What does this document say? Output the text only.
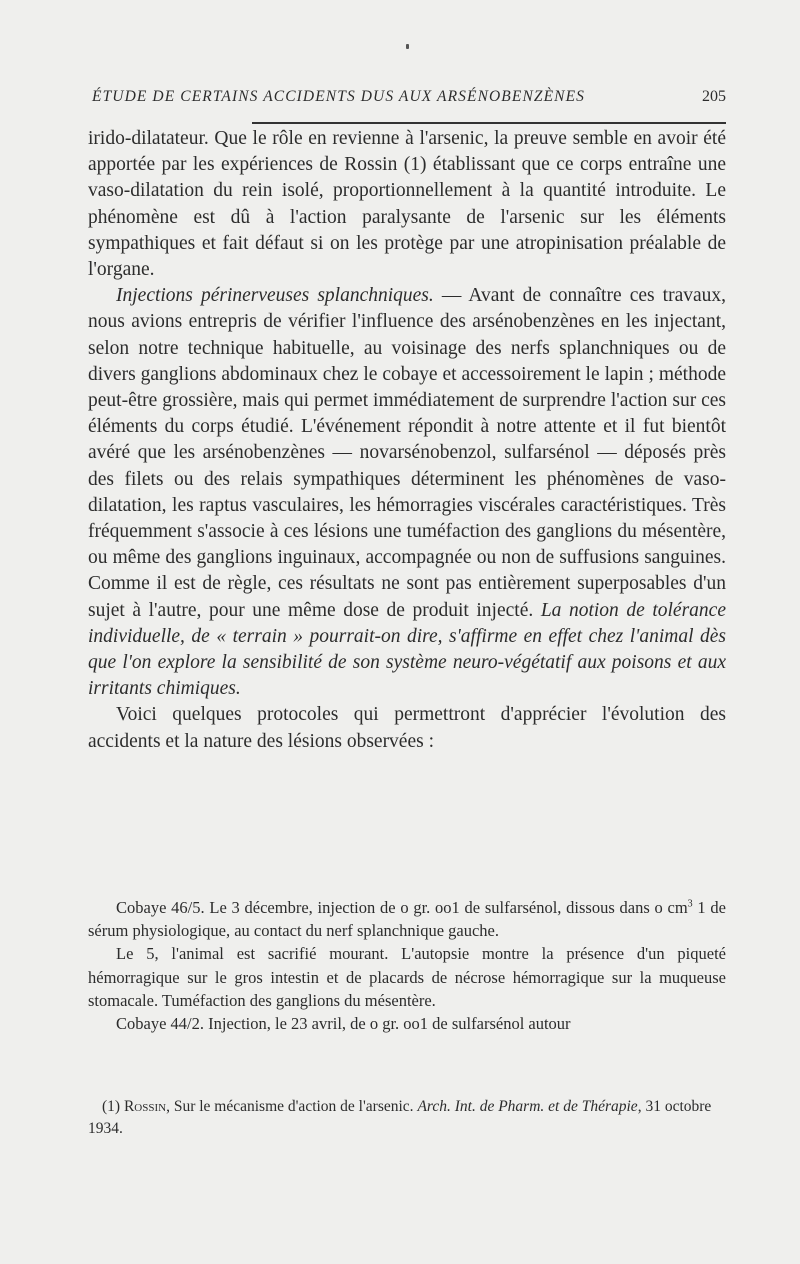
ÉTUDE DE CERTAINS ACCIDENTS DUS AUX ARSÉNOBENZÈNES	205

irido-dilatateur. Que le rôle en revienne à l'arsenic, la preuve semble en avoir été apportée par les expériences de Rossin (1) établissant que ce corps entraîne une vaso-dilatation du rein isolé, proportionnellement à la quantité introduite. Le phénomène est dû à l'action paralysante de l'arsenic sur les éléments sympathiques et fait défaut si on les protège par une atropinisation préalable de l'organe.

Injections périnerveuses splanchniques. — Avant de connaître ces travaux, nous avions entrepris de vérifier l'influence des arsénobenzènes en les injectant, selon notre technique habituelle, au voisinage des nerfs splanchniques ou de divers ganglions abdominaux chez le cobaye et accessoirement le lapin ; méthode peut-être grossière, mais qui permet immédiatement de surprendre l'action sur ces éléments du corps étudié. L'événement répondit à notre attente et il fut bientôt avéré que les arsénobenzènes — novarsénobenzol, sulfarsénol — déposés près des filets ou des relais sympathiques déterminent les phénomènes de vaso-dilatation, les raptus vasculaires, les hémorragies viscérales caractéristiques. Très fréquemment s'associe à ces lésions une tuméfaction des ganglions du mésentère, ou même des ganglions inguinaux, accompagnée ou non de suffusions sanguines. Comme il est de règle, ces résultats ne sont pas entièrement superposables d'un sujet à l'autre, pour une même dose de produit injecté. La notion de tolérance individuelle, de « terrain » pourrait-on dire, s'affirme en effet chez l'animal dès que l'on explore la sensibilité de son système neuro-végétatif aux poisons et aux irritants chimiques.

Voici quelques protocoles qui permettront d'apprécier l'évolution des accidents et la nature des lésions observées :

Cobaye 46/5. Le 3 décembre, injection de o gr. oo1 de sulfarsénol, dissous dans o $cm^3$ 1 de sérum physiologique, au contact du nerf splanchnique gauche.

Le 5, l'animal est sacrifié mourant. L'autopsie montre la présence d'un piqueté hémorragique sur le gros intestin et de placards de nécrose hémorragique sur la muqueuse stomacale. Tuméfaction des ganglions du mésentère.

Cobaye 44/2. Injection, le 23 avril, de o gr. oo1 de sulfarsénol autour

(1) Rossin, Sur le mécanisme d'action de l'arsenic. Arch. Int. de Pharm. et de Thérapie, 31 octobre 1934.
